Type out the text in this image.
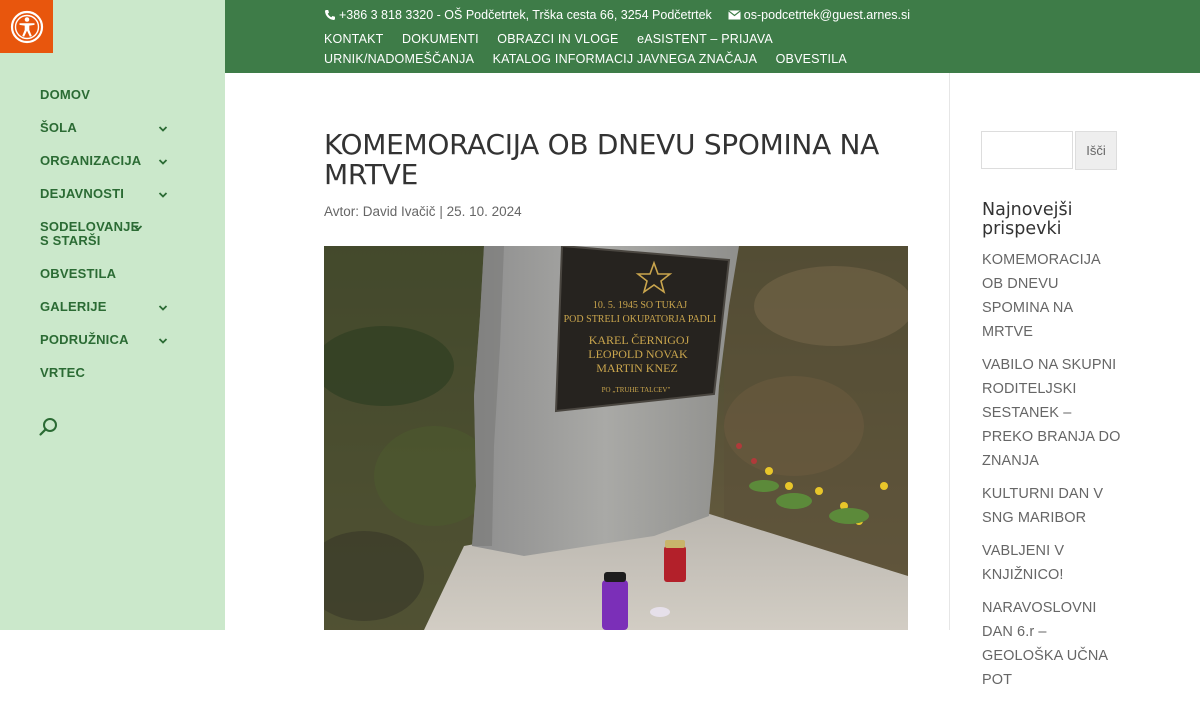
DOMOV
ŠOLA
ORGANIZACIJA
DEJAVNOSTI
SODELOVANJE S STARŠI
OBVESTILA
GALERIJE
PODRUŽNICA
VRTEC
+386 3 818 3320 - OŠ Podčetrtek, Trška cesta 66, 3254 Podčetrtek	os-podcetrtek@guest.arnes.si
KONTAKT DOKUMENTI OBRAZCI IN VLOGE eASISTENT – PRIJAVA URNIK/NADOMEŠČANJA KATALOG INFORMACIJ JAVNEGA ZNAČAJA OBVESTILA
KOMEMORACIJA OB DNEVU SPOMINA NA MRTVE
Avtor: David Ivačič | 25. 10. 2024
10. 5. 1945 SO TUKAJ
POD STRELI OKUPATORJA PADLI
KAREL ČERNIGOJ
LEOPOLD NOVAK
MARTIN KNEZ
PO „TRUHE TALCEV"
Išči
Najnovejši prispevki
KOMEMORACIJA OB DNEVU SPOMINA NA MRTVE
VABILO NA SKUPNI RODITELJSKI SESTANEK – PREKO BRANJA DO ZNANJA
KULTURNI DAN V SNG MARIBOR
VABLJENI V KNJIŽNICO!
NARAVOSLOVNI DAN 6.r – GEOLOŠKA UČNA POT
